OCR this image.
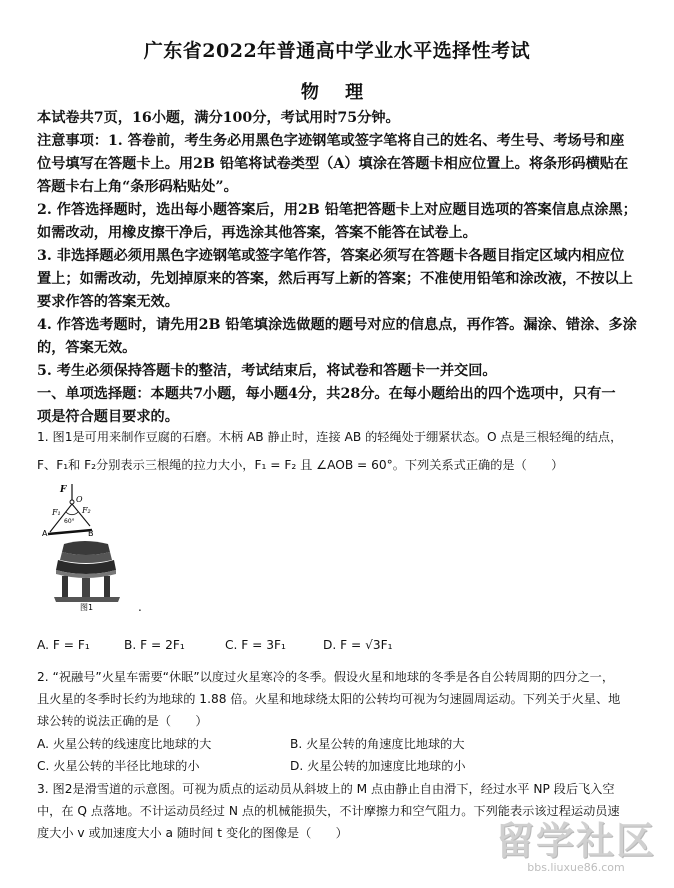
广东省2022年普通高中学业水平选择性考试
物 理
本试卷共7页，16小题，满分100分，考试用时75分钟。
注意事项：1. 答卷前，考生务必用黑色字迹钢笔或签字笔将自己的姓名、考生号、考场号和座
位号填写在答题卡上。用2B 铅笔将试卷类型（A）填涂在答题卡相应位置上。将条形码横贴在
答题卡右上角“条形码粘贴处”。
2. 作答选择题时，选出每小题答案后，用2B 铅笔把答题卡上对应题目选项的答案信息点涂黑；
如需改动，用橡皮擦干净后，再选涂其他答案，答案不能答在试卷上。
3. 非选择题必须用黑色字迹钢笔或签字笔作答，答案必须写在答题卡各题目指定区域内相应位
置上；如需改动，先划掉原来的答案，然后再写上新的答案；不准使用铅笔和涂改液，不按以上
要求作答的答案无效。
4. 作答选考题时，请先用2B 铅笔填涂选做题的题号对应的信息点，再作答。漏涂、错涂、多涂
的，答案无效。
5. 考生必须保持答题卡的整洁，考试结束后，将试卷和答题卡一并交回。
一、单项选择题：本题共7小题，每小题4分，共28分。在每小题给出的四个选项中，只有一
项是符合题目要求的。
1. 图1是可用来制作豆腐的石磨。木柄 AB 静止时，连接 AB 的轻绳处于绷紧状态。O 点是三根轻绳的结点，
F、F₁和 F₂分别表示三根绳的拉力大小，F₁ = F₂ 且 ∠AOB = 60°。下列关系式正确的是（　　）
F
O
F₁	F₂
60°
A	B
图1	.
A. F = F₁	B. F = 2F₁	C. F = 3F₁	D. F = √3F₁
2. “祝融号”火星车需要“休眠”以度过火星寒冷的冬季。假设火星和地球的冬季是各自公转周期的四分之一，
且火星的冬季时长约为地球的 1.88 倍。火星和地球绕太阳的公转均可视为匀速圆周运动。下列关于火星、地
球公转的说法正确的是（　　）
A. 火星公转的线速度比地球的大	B. 火星公转的角速度比地球的大
C. 火星公转的半径比地球的小	D. 火星公转的加速度比地球的小
3. 图2是滑雪道的示意图。可视为质点的运动员从斜坡上的 M 点由静止自由滑下，经过水平 NP 段后飞入空
中，在 Q 点落地。不计运动员经过 N 点的机械能损失，不计摩擦力和空气阻力。下列能表示该过程运动员速
度大小 v 或加速度大小 a 随时间 t 变化的图像是（　　）	留学社区
bbs.liuxue86.com
